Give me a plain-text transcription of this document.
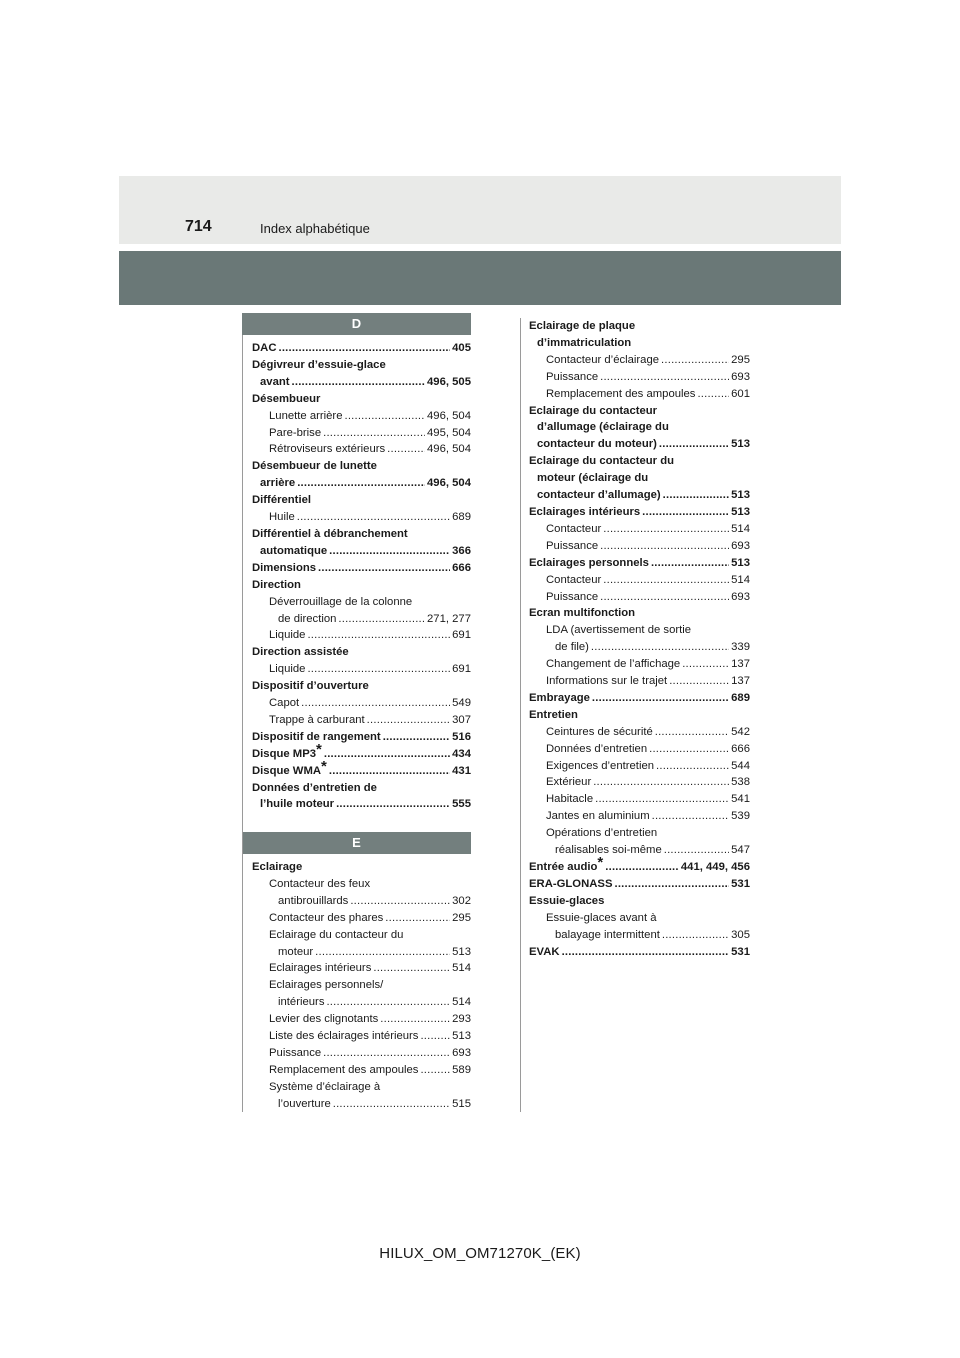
714	Index alphabétique
D
E
DAC .....	405
Dégivreur d’essuie-glace
avant .....	496, 505
Désembueur
Lunette arrière .....	496, 504
Pare-brise .....	495, 504
Rétroviseurs extérieurs .....	496, 504
Désembueur de lunette
arrière .....	496, 504
Différentiel
Huile .....	689
Différentiel à débranchement
automatique .....	366
Dimensions .....	666
Direction
Déverrouillage de la colonne
de direction .....	271, 277
Liquide .....	691
Direction assistée
Liquide .....	691
Dispositif d’ouverture
Capot .....	549
Trappe à carburant .....	307
Dispositif de rangement .....	516
Disque MP3* .....	434
Disque WMA* .....	431
Données d’entretien de
l’huile moteur .....	555
Eclairage
Contacteur des feux
antibrouillards .....	302
Contacteur des phares .....	295
Eclairage du contacteur du
moteur .....	513
Eclairages intérieurs .....	514
Eclairages personnels/
intérieurs .....	514
Levier des clignotants .....	293
Liste des éclairages intérieurs .....	513
Puissance .....	693
Remplacement des ampoules .....	589
Système d’éclairage à
l’ouverture .....	515
Eclairage de plaque
d’immatriculation
Contacteur d’éclairage .....	295
Puissance .....	693
Remplacement des ampoules .....	601
Eclairage du contacteur
d’allumage (éclairage du
contacteur du moteur) .....	513
Eclairage du contacteur du
moteur (éclairage du
contacteur d’allumage) .....	513
Eclairages intérieurs .....	513
Contacteur .....	514
Puissance .....	693
Eclairages personnels .....	513
Contacteur .....	514
Puissance .....	693
Ecran multifonction
LDA (avertissement de sortie
de file) .....	339
Changement de l’affichage .....	137
Informations sur le trajet .....	137
Embrayage .....	689
Entretien
Ceintures de sécurité .....	542
Données d’entretien .....	666
Exigences d’entretien .....	544
Extérieur .....	538
Habitacle .....	541
Jantes en aluminium .....	539
Opérations d’entretien
réalisables soi-même .....	547
Entrée audio* .....	441, 449, 456
ERA-GLONASS .....	531
Essuie-glaces
Essuie-glaces avant à
balayage intermittent .....	305
EVAK .....	531
HILUX_OM_OM71270K_(EK)
